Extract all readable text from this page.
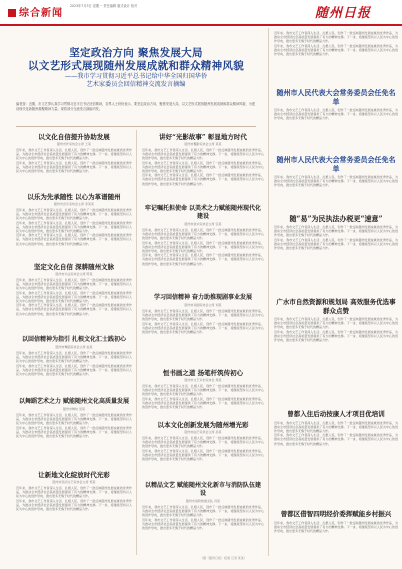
综合新闻
2023年7月3日 星期一 责任编辑 版式设计 校对	随州日报
坚定政治方向 聚焦发展大局
以文艺形式展现随州发展成就和群众精神风貌
——我市学习贯彻习近平总书记给中华全国归国华侨
艺术家委员会回信精神交流发言摘编
编者按：近期，市文艺界认真学习贯彻习近平总书记回信精神，各界人士纷纷表示，要坚定政治方向，聚焦发展大局，以文艺形式展现随州发展成就和群众精神风貌，为建设现代化新随州凝聚精神力量。现将部分交流发言摘编刊发。
以文化自信提升协助发展
随州市作家协会主席 王某
近年来，我市文艺工作者深入生活、扎根人民，创作了一批反映随州发展成就的优秀作品，为推动全市经济社会高质量发展提供了有力的精神支撑。下一步，将继续坚持以人民为中心的创作导向，推出更多无愧于时代的精品力作。
近年来，我市文艺工作者深入生活、扎根人民，创作了一批反映随州发展成就的优秀作品，为推动全市经济社会高质量发展提供了有力的精神支撑。下一步，将继续坚持以人民为中心的创作导向，推出更多无愧于时代的精品力作。
以乐为先承随性 以心为革谱随州
随州市音乐家协会主席 李某某
近年来，我市文艺工作者深入生活、扎根人民，创作了一批反映随州发展成就的优秀作品，为推动全市经济社会高质量发展提供了有力的精神支撑。下一步，将继续坚持以人民为中心的创作导向，推出更多无愧于时代的精品力作。
近年来，我市文艺工作者深入生活、扎根人民，创作了一批反映随州发展成就的优秀作品，为推动全市经济社会高质量发展提供了有力的精神支撑。下一步，将继续坚持以人民为中心的创作导向，推出更多无愧于时代的精品力作。
近年来，我市文艺工作者深入生活、扎根人民，创作了一批反映随州发展成就的优秀作品，为推动全市经济社会高质量发展提供了有力的精神支撑。下一步，将继续坚持以人民为中心的创作导向，推出更多无愧于时代的精品力作。
坚定文化自信 深耕随州文脉
随州市书法家协会主席 陈某
近年来，我市文艺工作者深入生活、扎根人民，创作了一批反映随州发展成就的优秀作品，为推动全市经济社会高质量发展提供了有力的精神支撑。下一步，将继续坚持以人民为中心的创作导向，推出更多无愧于时代的精品力作。
近年来，我市文艺工作者深入生活、扎根人民，创作了一批反映随州发展成就的优秀作品，为推动全市经济社会高质量发展提供了有力的精神支撑。下一步，将继续坚持以人民为中心的创作导向，推出更多无愧于时代的精品力作。
近年来，我市文艺工作者深入生活、扎根人民，创作了一批反映随州发展成就的优秀作品，为推动全市经济社会高质量发展提供了有力的精神支撑。下一步，将继续坚持以人民为中心的创作导向，推出更多无愧于时代的精品力作。
以回信精神为指引 扎根文化汇士践初心
随州市舞蹈家协会主席 赵某
近年来，我市文艺工作者深入生活、扎根人民，创作了一批反映随州发展成就的优秀作品，为推动全市经济社会高质量发展提供了有力的精神支撑。下一步，将继续坚持以人民为中心的创作导向，推出更多无愧于时代的精品力作。
近年来，我市文艺工作者深入生活、扎根人民，创作了一批反映随州发展成就的优秀作品，为推动全市经济社会高质量发展提供了有力的精神支撑。下一步，将继续坚持以人民为中心的创作导向，推出更多无愧于时代的精品力作。
以舞蹈艺术之力 赋能随州文化高质量发展
随州市舞协 吴某
近年来，我市文艺工作者深入生活、扎根人民，创作了一批反映随州发展成就的优秀作品，为推动全市经济社会高质量发展提供了有力的精神支撑。下一步，将继续坚持以人民为中心的创作导向，推出更多无愧于时代的精品力作。
近年来，我市文艺工作者深入生活、扎根人民，创作了一批反映随州发展成就的优秀作品，为推动全市经济社会高质量发展提供了有力的精神支撑。下一步，将继续坚持以人民为中心的创作导向，推出更多无愧于时代的精品力作。
让新地文化绽放时代光彩
随州市民间文艺家协会主席 郑某
近年来，我市文艺工作者深入生活、扎根人民，创作了一批反映随州发展成就的优秀作品，为推动全市经济社会高质量发展提供了有力的精神支撑。下一步，将继续坚持以人民为中心的创作导向，推出更多无愧于时代的精品力作。
近年来，我市文艺工作者深入生活、扎根人民，创作了一批反映随州发展成就的优秀作品，为推动全市经济社会高质量发展提供了有力的精神支撑。下一步，将继续坚持以人民为中心的创作导向，推出更多无愧于时代的精品力作。
讲好“光影故事” 彰显地方时代
随州市摄影家协会主席 某某
近年来，我市文艺工作者深入生活、扎根人民，创作了一批反映随州发展成就的优秀作品，为推动全市经济社会高质量发展提供了有力的精神支撑。下一步，将继续坚持以人民为中心的创作导向，推出更多无愧于时代的精品力作。
近年来，我市文艺工作者深入生活、扎根人民，创作了一批反映随州发展成就的优秀作品，为推动全市经济社会高质量发展提供了有力的精神支撑。下一步，将继续坚持以人民为中心的创作导向，推出更多无愧于时代的精品力作。
近年来，我市文艺工作者深入生活、扎根人民，创作了一批反映随州发展成就的优秀作品，为推动全市经济社会高质量发展提供了有力的精神支撑。下一步，将继续坚持以人民为中心的创作导向，推出更多无愧于时代的精品力作。
牢记嘱托担使命 以美术之力赋能随州现代化建设
随州市美术家协会主席 张某
近年来，我市文艺工作者深入生活、扎根人民，创作了一批反映随州发展成就的优秀作品，为推动全市经济社会高质量发展提供了有力的精神支撑。下一步，将继续坚持以人民为中心的创作导向，推出更多无愧于时代的精品力作。
近年来，我市文艺工作者深入生活、扎根人民，创作了一批反映随州发展成就的优秀作品，为推动全市经济社会高质量发展提供了有力的精神支撑。下一步，将继续坚持以人民为中心的创作导向，推出更多无愧于时代的精品力作。
近年来，我市文艺工作者深入生活、扎根人民，创作了一批反映随州发展成就的优秀作品，为推动全市经济社会高质量发展提供了有力的精神支撑。下一步，将继续坚持以人民为中心的创作导向，推出更多无愧于时代的精品力作。
学习回信精神 奋力助推现剧事业发展
随州市戏剧家协会主席 刘某
近年来，我市文艺工作者深入生活、扎根人民，创作了一批反映随州发展成就的优秀作品，为推动全市经济社会高质量发展提供了有力的精神支撑。下一步，将继续坚持以人民为中心的创作导向，推出更多无愧于时代的精品力作。
近年来，我市文艺工作者深入生活、扎根人民，创作了一批反映随州发展成就的优秀作品，为推动全市经济社会高质量发展提供了有力的精神支撑。下一步，将继续坚持以人民为中心的创作导向，推出更多无愧于时代的精品力作。
恒书画之道 扬笔杆筑传初心
随州市文艺评论家协会 周某
近年来，我市文艺工作者深入生活、扎根人民，创作了一批反映随州发展成就的优秀作品，为推动全市经济社会高质量发展提供了有力的精神支撑。下一步，将继续坚持以人民为中心的创作导向，推出更多无愧于时代的精品力作。
近年来，我市文艺工作者深入生活、扎根人民，创作了一批反映随州发展成就的优秀作品，为推动全市经济社会高质量发展提供了有力的精神支撑。下一步，将继续坚持以人民为中心的创作导向，推出更多无愧于时代的精品力作。
以本文化创新发展为随州增光彩
随州市曲艺家协会主席 孙某
近年来，我市文艺工作者深入生活、扎根人民，创作了一批反映随州发展成就的优秀作品，为推动全市经济社会高质量发展提供了有力的精神支撑。下一步，将继续坚持以人民为中心的创作导向，推出更多无愧于时代的精品力作。
近年来，我市文艺工作者深入生活、扎根人民，创作了一批反映随州发展成就的优秀作品，为推动全市经济社会高质量发展提供了有力的精神支撑。下一步，将继续坚持以人民为中心的创作导向，推出更多无愧于时代的精品力作。
以精品文艺 赋能随州文化新市与消防队伍建设
随州市消防救援支队 冯某
近年来，我市文艺工作者深入生活、扎根人民，创作了一批反映随州发展成就的优秀作品，为推动全市经济社会高质量发展提供了有力的精神支撑。下一步，将继续坚持以人民为中心的创作导向，推出更多无愧于时代的精品力作。
近年来，我市文艺工作者深入生活、扎根人民，创作了一批反映随州发展成就的优秀作品，为推动全市经济社会高质量发展提供了有力的精神支撑。下一步，将继续坚持以人民为中心的创作导向，推出更多无愧于时代的精品力作。
近年来，我市文艺工作者深入生活、扎根人民，创作了一批反映随州发展成就的优秀作品，为推动全市经济社会高质量发展提供了有力的精神支撑。下一步，将继续坚持以人民为中心的创作导向，推出更多无愧于时代的精品力作。
近年来，我市文艺工作者深入生活、扎根人民，创作了一批反映随州发展成就的优秀作品，为推动全市经济社会高质量发展提供了有力的精神支撑。下一步，将继续坚持以人民为中心的创作导向，推出更多无愧于时代的精品力作。
随州市人民代表大会常务委员会任免名单
近年来，我市文艺工作者深入生活、扎根人民，创作了一批反映随州发展成就的优秀作品，为推动全市经济社会高质量发展提供了有力的精神支撑。下一步，将继续坚持以人民为中心的创作导向，推出更多无愧于时代的精品力作。
随州市人民代表大会常务委员会任免名单
近年来，我市文艺工作者深入生活、扎根人民，创作了一批反映随州发展成就的优秀作品，为推动全市经济社会高质量发展提供了有力的精神支撑。下一步，将继续坚持以人民为中心的创作导向，推出更多无愧于时代的精品力作。
随“易”为民执法办税更“速意”
近年来，我市文艺工作者深入生活、扎根人民，创作了一批反映随州发展成就的优秀作品，为推动全市经济社会高质量发展提供了有力的精神支撑。下一步，将继续坚持以人民为中心的创作导向，推出更多无愧于时代的精品力作。
近年来，我市文艺工作者深入生活、扎根人民，创作了一批反映随州发展成就的优秀作品，为推动全市经济社会高质量发展提供了有力的精神支撑。下一步，将继续坚持以人民为中心的创作导向，推出更多无愧于时代的精品力作。
广水市自然资源和规划局 高效服务优选事群众点赞
近年来，我市文艺工作者深入生活、扎根人民，创作了一批反映随州发展成就的优秀作品，为推动全市经济社会高质量发展提供了有力的精神支撑。下一步，将继续坚持以人民为中心的创作导向，推出更多无愧于时代的精品力作。
近年来，我市文艺工作者深入生活、扎根人民，创作了一批反映随州发展成就的优秀作品，为推动全市经济社会高质量发展提供了有力的精神支撑。下一步，将继续坚持以人民为中心的创作导向，推出更多无愧于时代的精品力作。
曾都入住后动按康人才项目优培训
近年来，我市文艺工作者深入生活、扎根人民，创作了一批反映随州发展成就的优秀作品，为推动全市经济社会高质量发展提供了有力的精神支撑。下一步，将继续坚持以人民为中心的创作导向，推出更多无愧于时代的精品力作。
近年来，我市文艺工作者深入生活、扎根人民，创作了一批反映随州发展成就的优秀作品，为推动全市经济社会高质量发展提供了有力的精神支撑。下一步，将继续坚持以人民为中心的创作导向，推出更多无愧于时代的精品力作。
曾都区借智四明经价委挥赋能乡村振兴
近年来，我市文艺工作者深入生活、扎根人民，创作了一批反映随州发展成就的优秀作品，为推动全市经济社会高质量发展提供了有力的精神支撑。下一步，将继续坚持以人民为中心的创作导向，推出更多无愧于时代的精品力作。
（据《随州日报》报道 记者 某某）
